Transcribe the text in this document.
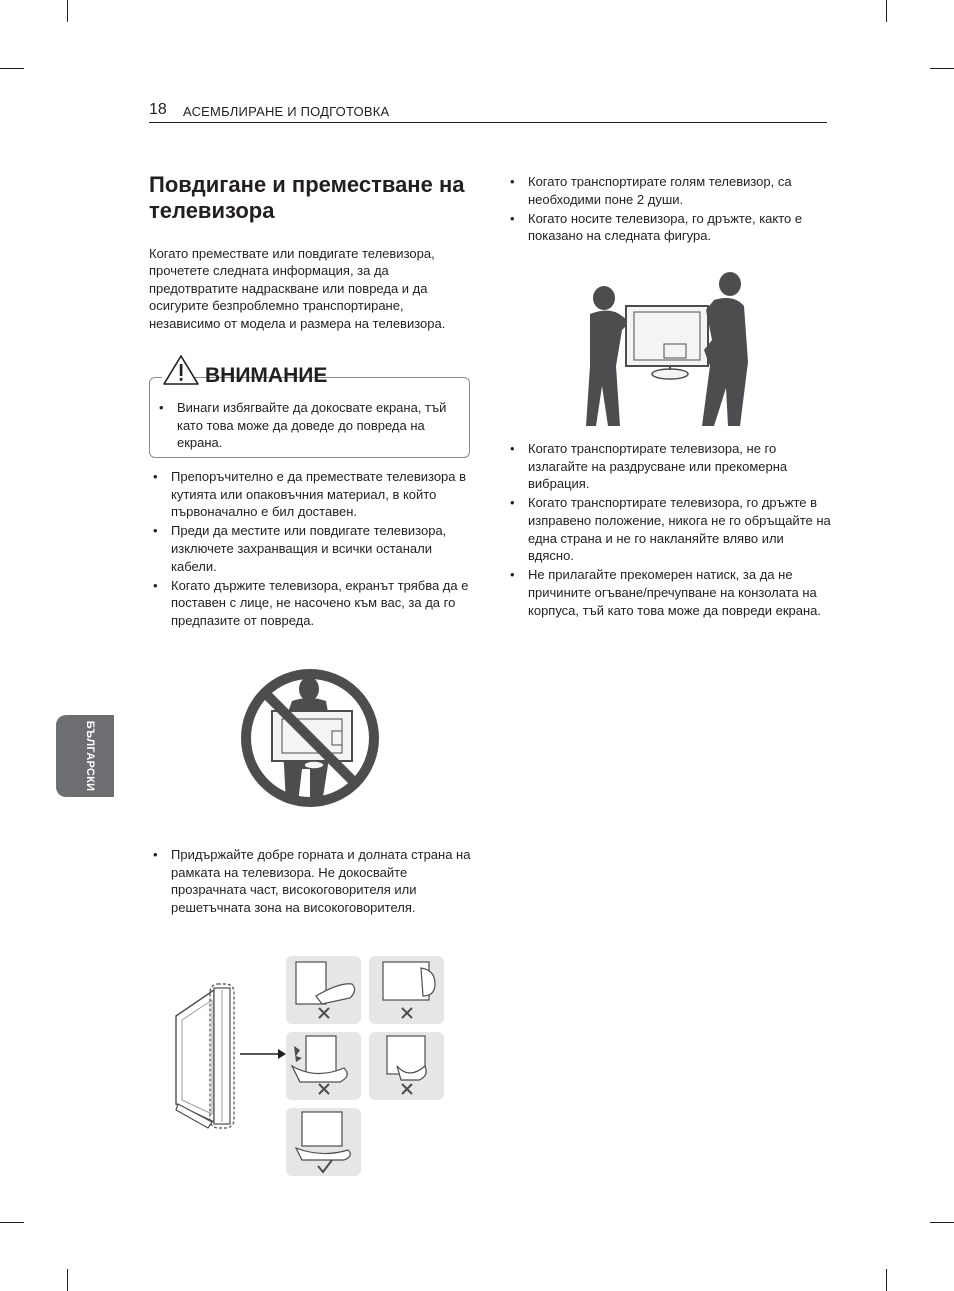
18 АСЕМБЛИРАНЕ И ПОДГОТОВКА
Повдигане и преместване на телевизора

Когато премествате или повдигате телевизора, прочетете следната информация, за да предотвратите надраскване или повреда и да осигурите безпроблемно транспортиране, независимо от модела и размера на телевизора.

ВНИМАНИЕ
• Винаги избягвайте да докосвате екрана, тъй като това може да доведе до повреда на екрана.
• Препоръчително е да премествате телевизора в кутията или опаковъчния материал, в който първоначално е бил доставен.
• Преди да местите или повдигате телевизора, изключете захранващия и всички останали кабели.
• Когато държите телевизора, екранът трябва да е поставен с лице, не насочено към вас, за да го предпазите от повреда.
• Придържайте добре горната и долната страна на рамката на телевизора. Не докосвайте прозрачната част, високоговорителя или решетъчната зона на високоговорителя.
• Когато транспортирате голям телевизор, са необходими поне 2 души.
• Когато носите телевизора, го дръжте, както е показано на следната фигура.
• Когато транспортирате телевизора, не го излагайте на раздрусване или прекомерна вибрация.
• Когато транспортирате телевизора, го дръжте в изправено положение, никога не го обръщайте на една страна и не го накланяйте вляво или вдясно.
• Не прилагайте прекомерен натиск, за да не причините огъване/пречупване на конзолата на корпуса, тъй като това може да повреди екрана.
БЪЛГАРСКИ
